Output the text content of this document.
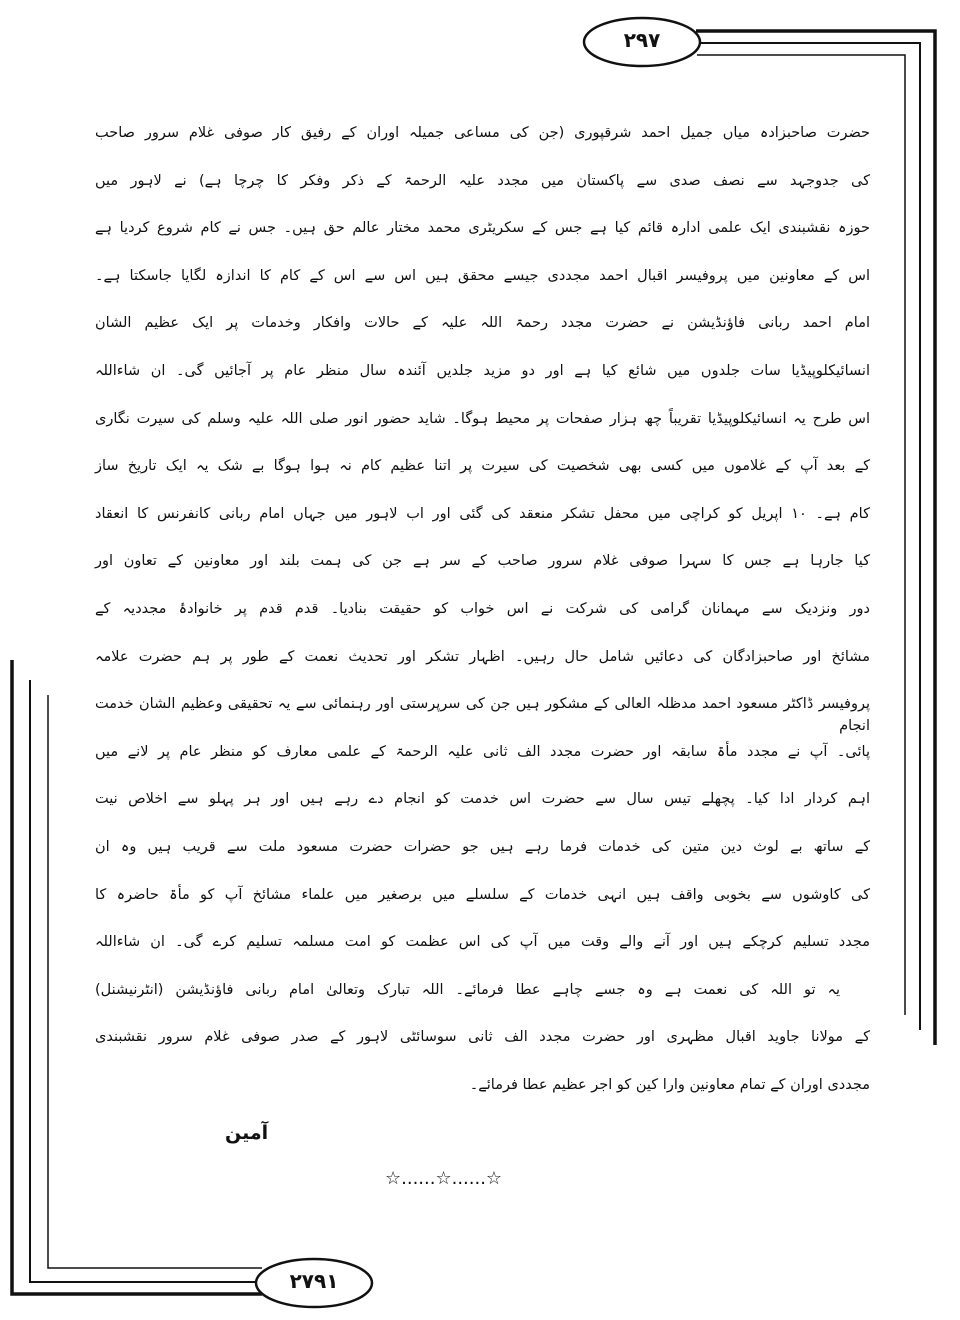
۲۹۷
۲۷۹۱
حضرت صاحبزادہ میاں جمیل احمد شرقپوری (جن کی مساعی جمیلہ اوران کے رفیق کار صوفی غلام سرور صاحب
کی جدوجہد سے نصف صدی سے پاکستان میں مجدد علیہ الرحمۃ کے ذکر وفکر کا چرچا ہے) نے لاہور میں
حوزہ نقشبندی ایک علمی ادارہ قائم کیا ہے جس کے سکریٹری محمد مختار عالم حق ہیں۔ جس نے کام شروع کردیا ہے
اس کے معاونین میں پروفیسر اقبال احمد مجددی جیسے محقق ہیں اس سے اس کے کام کا اندازہ لگایا جاسکتا ہے۔
امام احمد ربانی فاؤنڈیشن نے حضرت مجدد رحمۃ اللہ علیہ کے حالات وافکار وخدمات پر ایک عظیم الشان
انسائیکلوپیڈیا سات جلدوں میں شائع کیا ہے اور دو مزید جلدیں آئندہ سال منظر عام پر آجائیں گی۔ ان شاءاللہ
اس طرح یہ انسائیکلوپیڈیا تقریباً چھ ہزار صفحات پر محیط ہوگا۔ شاید حضور انور صلی اللہ علیہ وسلم کی سیرت نگاری
کے بعد آپ کے غلاموں میں کسی بھی شخصیت کی سیرت پر اتنا عظیم کام نہ ہوا ہوگا بے شک یہ ایک تاریخ ساز
کام ہے۔ ۱۰ اپریل کو کراچی میں محفل تشکر منعقد کی گئی اور اب لاہور میں جہاں امام ربانی کانفرنس کا انعقاد
کیا جارہا ہے جس کا سہرا صوفی غلام سرور صاحب کے سر ہے جن کی ہمت بلند اور معاونین کے تعاون اور
دور ونزدیک سے مہمانان گرامی کی شرکت نے اس خواب کو حقیقت بنادیا۔ قدم قدم پر خانوادۂ مجددیہ کے
مشائخ اور صاحبزادگان کی دعائیں شامل حال رہیں۔ اظہار تشکر اور تحدیث نعمت کے طور پر ہم حضرت علامہ
پروفیسر ڈاکٹر مسعود احمد مدظلہ العالی کے مشکور ہیں جن کی سرپرستی اور رہنمائی سے یہ تحقیقی وعظیم الشان خدمت انجام
پائی۔ آپ نے مجدد مأۃ سابقہ اور حضرت مجدد الف ثانی علیہ الرحمۃ کے علمی معارف کو منظر عام پر لانے میں
اہم کردار ادا کیا۔ پچھلے تیس سال سے حضرت اس خدمت کو انجام دے رہے ہیں اور ہر پہلو سے اخلاص نیت
کے ساتھ بے لوث دین متین کی خدمات فرما رہے ہیں جو حضرات حضرت مسعود ملت سے قریب ہیں وہ ان
کی کاوشوں سے بخوبی واقف ہیں انہی خدمات کے سلسلے میں برصغیر میں علماء مشائخ آپ کو مأۃ حاضرہ کا
مجدد تسلیم کرچکے ہیں اور آنے والے وقت میں آپ کی اس عظمت کو امت مسلمہ تسلیم کرے گی۔ ان شاءاللہ
یہ تو اللہ کی نعمت ہے وہ جسے چاہے عطا فرمائے۔ اللہ تبارک وتعالیٰ امام ربانی فاؤنڈیشن (انٹرنیشنل)
کے مولانا جاوید اقبال مظہری اور حضرت مجدد الف ثانی سوسائٹی لاہور کے صدر صوفی غلام سرور نقشبندی
مجددی اوران کے تمام معاونین وارا کین کو اجر عظیم عطا فرمائے۔
آمین
☆......☆......☆
